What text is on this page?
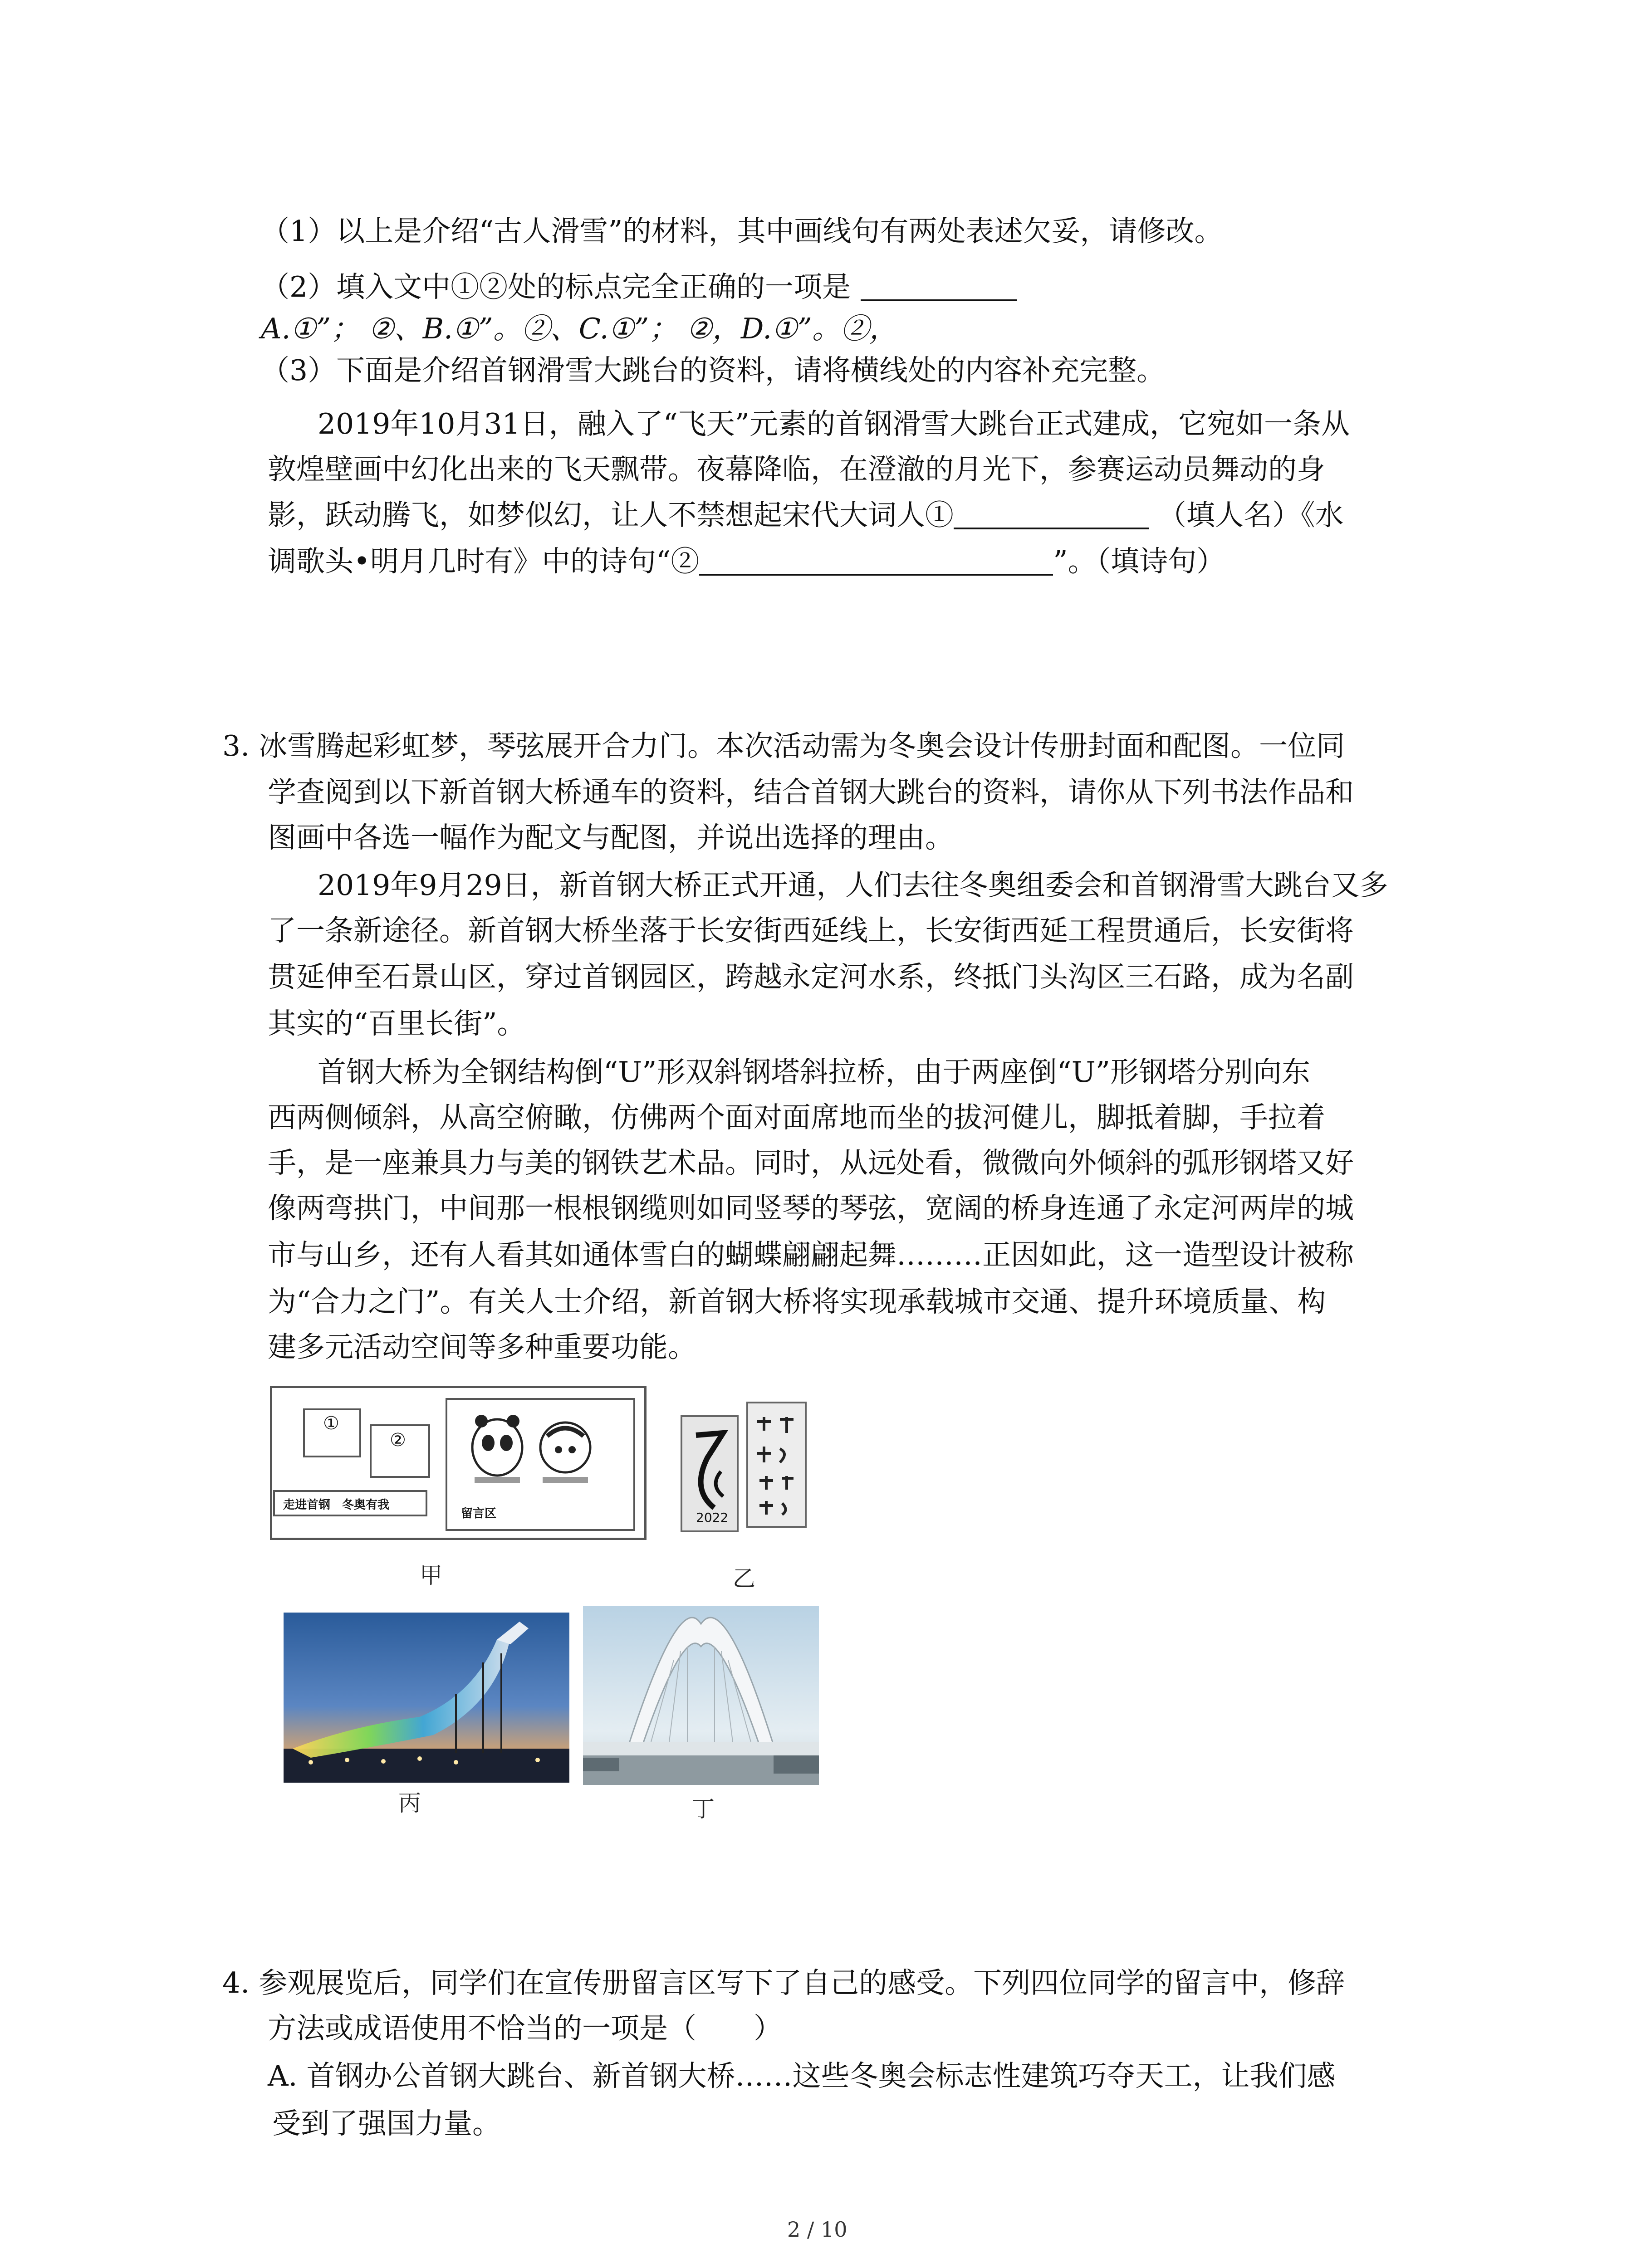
（1）以上是介绍“古人滑雪”的材料，其中画线句有两处表述欠妥，请修改。
（2）填入文中①②处的标点完全正确的一项是
A.①”； ②、B.①”。②、C.①”； ②，D.①”。②，
（3）下面是介绍首钢滑雪大跳台的资料，请将横线处的内容补充完整。
2019年10月31日，融入了“飞天”元素的首钢滑雪大跳台正式建成，它宛如一条从
敦煌壁画中幻化出来的飞天飘带。夜幕降临，在澄澈的月光下，参赛运动员舞动的身
影，跃动腾飞，如梦似幻，让人不禁想起宋代大词人①	（填人名）《水
调歌头•明月几时有》中的诗句“②	”。（填诗句）
3. 冰雪腾起彩虹梦，琴弦展开合力门。本次活动需为冬奥会设计传册封面和配图。一位同
学查阅到以下新首钢大桥通车的资料，结合首钢大跳台的资料，请你从下列书法作品和
图画中各选一幅作为配文与配图，并说出选择的理由。
2019年9月29日，新首钢大桥正式开通，人们去往冬奥组委会和首钢滑雪大跳台又多
了一条新途径。新首钢大桥坐落于长安街西延线上，长安街西延工程贯通后，长安街将
贯延伸至石景山区，穿过首钢园区，跨越永定河水系，终抵门头沟区三石路，成为名副
其实的“百里长街”。
首钢大桥为全钢结构倒“U”形双斜钢塔斜拉桥，由于两座倒“U”形钢塔分别向东
西两侧倾斜，从高空俯瞰，仿佛两个面对面席地而坐的拔河健儿，脚抵着脚，手拉着
手，是一座兼具力与美的钢铁艺术品。同时，从远处看，微微向外倾斜的弧形钢塔又好
像两弯拱门，中间那一根根钢缆则如同竖琴的琴弦，宽阔的桥身连通了永定河两岸的城
市与山乡，还有人看其如通体雪白的蝴蝶翩翩起舞………正因如此，这一造型设计被称
为“合力之门”。有关人士介绍，新首钢大桥将实现承载城市交通、提升环境质量、构
建多元活动空间等多种重要功能。
①
②
走进首钢　冬奥有我
留言区
甲
2022
乙
丙	丁
4. 参观展览后，同学们在宣传册留言区写下了自己的感受。下列四位同学的留言中，修辞
方法或成语使用不恰当的一项是（　　）
A. 首钢办公首钢大跳台、新首钢大桥……这些冬奥会标志性建筑巧夺天工，让我们感
受到了强国力量。
2 / 10
